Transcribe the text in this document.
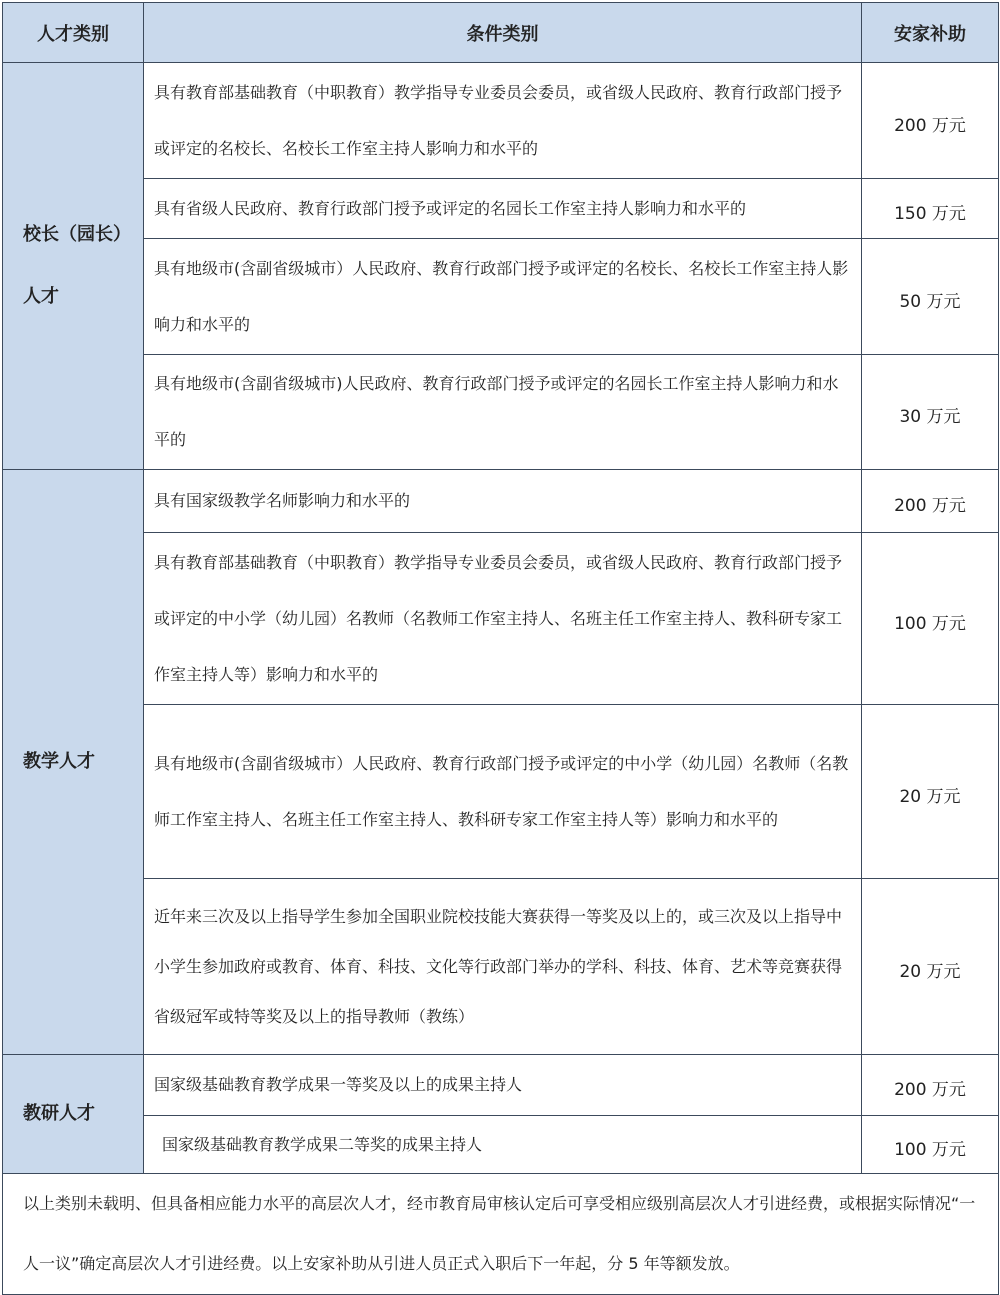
人才类别	条件类别	安家补助
校长（园长）人才	具有教育部基础教育（中职教育）教学指导专业委员会委员，或省级人民政府、教育行政部门授予或评定的名校长、名校长工作室主持人影响力和水平的	200 万元
	具有省级人民政府、教育行政部门授予或评定的名园长工作室主持人影响力和水平的	150 万元
	具有地级市(含副省级城市）人民政府、教育行政部门授予或评定的名校长、名校长工作室主持人影响力和水平的	50 万元
	具有地级市(含副省级城市)人民政府、教育行政部门授予或评定的名园长工作室主持人影响力和水平的	30 万元
教学人才	具有国家级教学名师影响力和水平的	200 万元
	具有教育部基础教育（中职教育）教学指导专业委员会委员，或省级人民政府、教育行政部门授予或评定的中小学（幼儿园）名教师（名教师工作室主持人、名班主任工作室主持人、教科研专家工作室主持人等）影响力和水平的	100 万元
	具有地级市(含副省级城市）人民政府、教育行政部门授予或评定的中小学（幼儿园）名教师（名教师工作室主持人、名班主任工作室主持人、教科研专家工作室主持人等）影响力和水平的	20 万元
	近年来三次及以上指导学生参加全国职业院校技能大赛获得一等奖及以上的，或三次及以上指导中小学生参加政府或教育、体育、科技、文化等行政部门举办的学科、科技、体育、艺术等竞赛获得省级冠军或特等奖及以上的指导教师（教练）	20 万元
教研人才	国家级基础教育教学成果一等奖及以上的成果主持人	200 万元
	国家级基础教育教学成果二等奖的成果主持人	100 万元
以上类别未载明、但具备相应能力水平的高层次人才，经市教育局审核认定后可享受相应级别高层次人才引进经费，或根据实际情况“一人一议”确定高层次人才引进经费。以上安家补助从引进人员正式入职后下一年起，分 5 年等额发放。		
